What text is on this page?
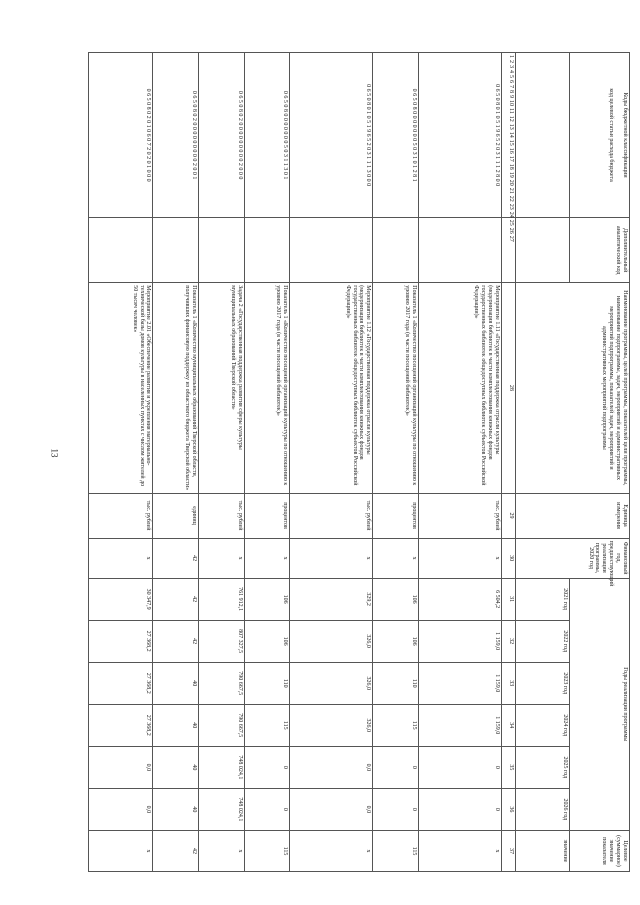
13
Коды бюджетной классификации

код целевой статьи расхода бюджета	Дополнительный аналитический код	Наименование программы, целей программы, показателей цели программы, наименование подпрограммы, задач, мероприятий и административных мероприятий подпрограммы, показателей задач, мероприятий и административных мероприятий подпрограммы	Единица измерения	Финансовый год, предшествующий реализации программы, 2020 год	Годы реализации программы						Целевое (суммарное) значение показателя
					2021 год	2022 год	2023 год	2024 год	2025 год	2026 год	значение
123456789101112131415161718192021222324252627		28	29	30	31	32	33	34	35	36	37
0 6 5 0 8 0 1 0 5 1 9 6 5 2 0 3 1 1 1 2 8 0 0		Мероприятие 1.11 «Государственная поддержка отрасли культуры (модернизация библиотек в части комплектования книжных фондов государственных библиотек общедоступных библиотек субъектов Российской Федерации)»	тыс. рублей	х	6 504,2	1 159,0	1 159,0	1 159,0	0	0	х
0 6 5 0 8 0 0 0 0 0 0 0 5 0 3 1 0 1 2 8 1		Показатель 1 «Количество посещений организаций культуры по отношению к уровню 2017 года (в части посещений библиотек)»	процентов	х	106	106	110	115	0	0	115
0 6 5 0 8 0 1 0 5 1 9 6 5 2 0 3 1 1 1 3 0 0 0		Мероприятие 1.12 «Государственная поддержка отрасли культуры (модернизация библиотек в части комплектования книжных фондов государственных библиотек общедоступных библиотек субъектов Российской Федерации)»	тыс. рублей	х	329,2	326,0	326,0	326,0	0,0	0,0	х
0 6 5 0 8 0 0 0 0 0 0 0 5 0 3 1 1 3 0 1		Показатель 1 «Количество посещений организаций культуры по отношению к уровню 2017 года (в части посещений библиотек)»	процентов	х	106	106	110	115	0	0	115
0 6 5 0 8 0 2 0 0 0 0 0 0 0 0 0 2 0 0 0		Задача 2 «Государственная поддержка развития сферы культуры муниципальных образований Тверской области»	тыс. рублей	х	761 912,1	807 327,5	790 667,5	790 667,5	748 024,1	748 024,1	х
0 6 5 0 8 0 2 0 0 0 0 0 0 0 0 0 2 0 0 1		Показатель 1 «Количество муниципальных образований Тверской области, получивших финансовую поддержку из областного бюджета Тверской области»	единиц	42	42	42	40	40	40	40	42
0 6 5 0 8 0 2 0 1 0 6 0 7 2 0 2 0 1 0 0 0		Мероприятие 2.01 «Обеспечение развития и укрепления материально-технической базы домов культуры в населенных пунктах с числом жителей до 50 тысяч человек»	тыс. рублей	х	30 347,9	27 368,2	27 368,2	27 368,2	0,0	0,0	х
